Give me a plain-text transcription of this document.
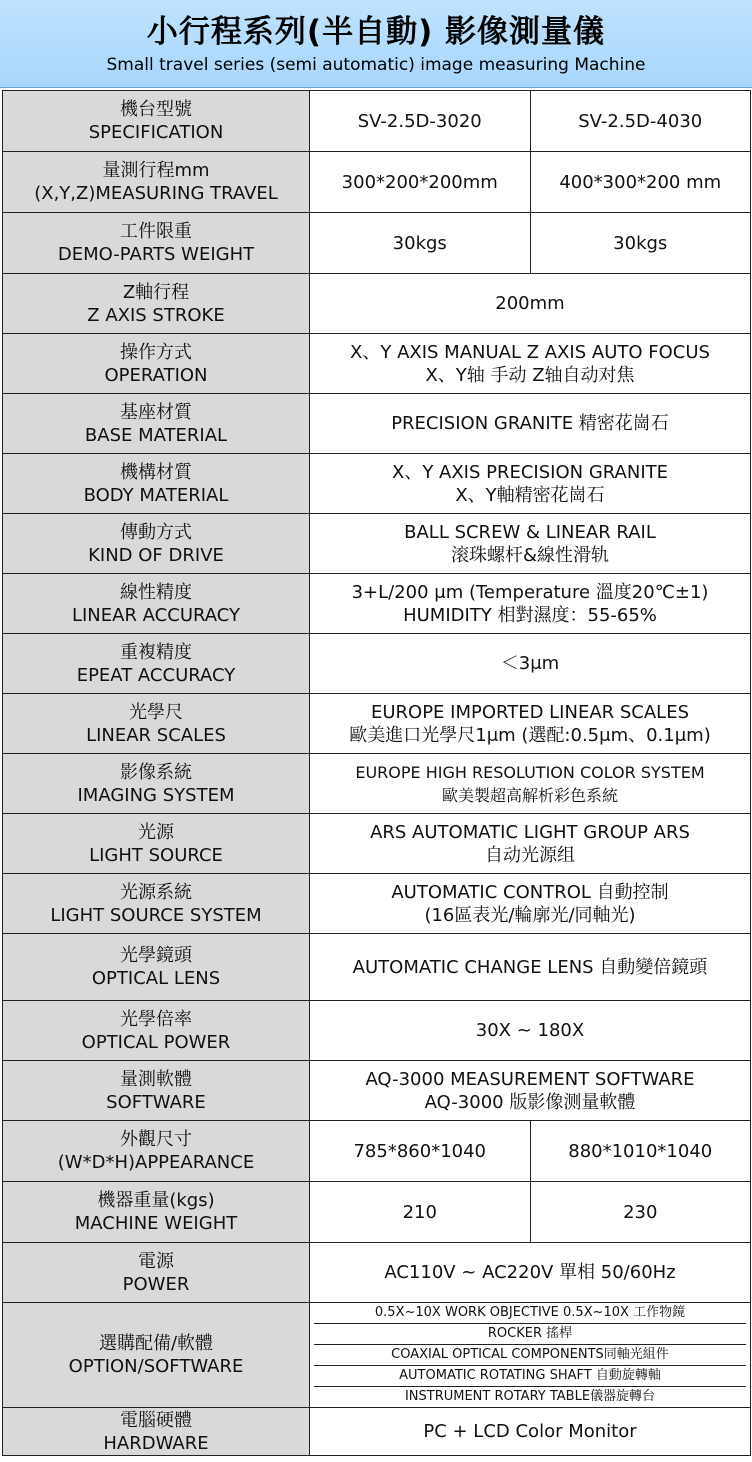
小行程系列(半自動) 影像測量儀
Small travel series (semi automatic) image measuring Machine
機台型號
SPECIFICATION

SV-2.5D-3020	SV-2.5D-4030

量測行程mm
(X,Y,Z)MEASURING TRAVEL

300*200*200mm	400*300*200 mm

工件限重
DEMO-PARTS WEIGHT

30kgs	30kgs

Z軸行程
Z AXIS STROKE

200mm

操作方式
OPERATION

X、Y AXIS MANUAL Z AXIS AUTO FOCUS
X、Y轴 手动 Z轴自动对焦

基座材質
BASE MATERIAL

PRECISION GRANITE 精密花崗石

機構材質
BODY MATERIAL

X、Y AXIS PRECISION GRANITE
X、Y軸精密花崗石

傳動方式
KIND OF DRIVE

BALL SCREW & LINEAR RAIL
滚珠螺杆&線性滑轨

線性精度
LINEAR ACCURACY

3+L/200 μm (Temperature 溫度20℃±1)
HUMIDITY 相對濕度：55-65%

重複精度
EPEAT ACCURACY

＜3μm

光學尺
LINEAR SCALES

EUROPE IMPORTED LINEAR SCALES
歐美進口光學尺1μm (選配:0.5μm、0.1μm)

影像系統
IMAGING SYSTEM

EUROPE HIGH RESOLUTION COLOR SYSTEM
歐美製超高解析彩色系統

光源
LIGHT SOURCE

ARS AUTOMATIC LIGHT GROUP ARS
自动光源组

光源系統
LIGHT SOURCE SYSTEM

AUTOMATIC CONTROL 自動控制
(16區表光/輪廓光/同軸光)

光學鏡頭
OPTICAL LENS

AUTOMATIC CHANGE LENS 自動變倍鏡頭

光學倍率
OPTICAL POWER

30X ~ 180X

量測軟體
SOFTWARE

AQ-3000 MEASUREMENT SOFTWARE
AQ-3000 版影像测量軟體

外觀尺寸
(W*D*H)APPEARANCE

785*860*1040	880*1010*1040

機器重量(kgs)
MACHINE WEIGHT

210	230

電源
POWER

AC110V ~ AC220V 單相 50/60Hz

選購配備/軟體
OPTION/SOFTWARE

0.5X~10X WORK OBJECTIVE 0.5X~10X 工作物鏡
ROCKER 搖桿
COAXIAL OPTICAL COMPONENTS同軸光組件
AUTOMATIC ROTATING SHAFT 自動旋轉軸
INSTRUMENT ROTARY TABLE儀器旋轉台

電腦硬體
HARDWARE

PC + LCD Color Monitor
